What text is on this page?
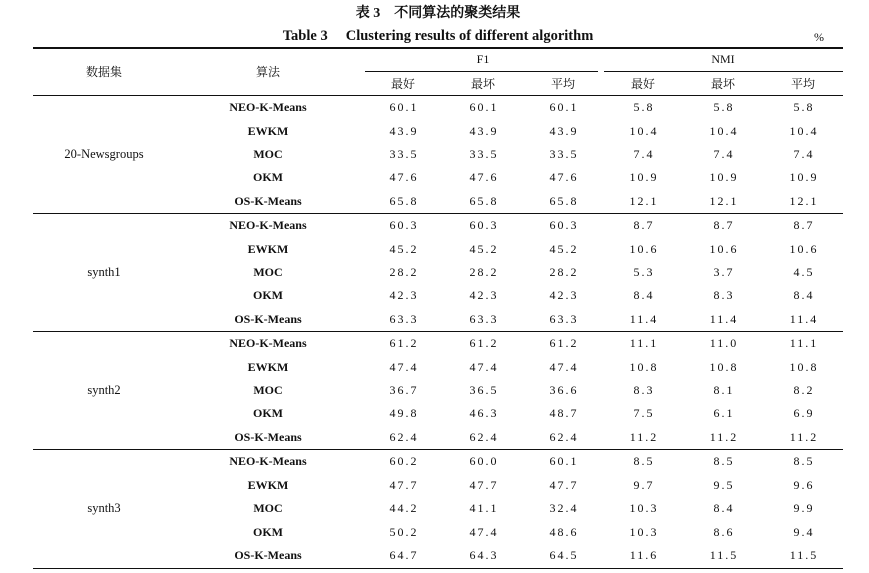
表 3 不同算法的聚类结果
Table 3 Clustering results of different algorithm	%
数据集	算法
F1	NMI
最好	最坏	平均	最好	最坏	平均
20-Newsgroups
NEO-K-Means	60.1	60.1	60.1	5.8	5.8	5.8
EWKM	43.9	43.9	43.9	10.4	10.4	10.4
MOC	33.5	33.5	33.5	7.4	7.4	7.4
OKM	47.6	47.6	47.6	10.9	10.9	10.9
OS-K-Means	65.8	65.8	65.8	12.1	12.1	12.1
synth1
NEO-K-Means	60.3	60.3	60.3	8.7	8.7	8.7
EWKM	45.2	45.2	45.2	10.6	10.6	10.6
MOC	28.2	28.2	28.2	5.3	3.7	4.5
OKM	42.3	42.3	42.3	8.4	8.3	8.4
OS-K-Means	63.3	63.3	63.3	11.4	11.4	11.4
synth2
NEO-K-Means	61.2	61.2	61.2	11.1	11.0	11.1
EWKM	47.4	47.4	47.4	10.8	10.8	10.8
MOC	36.7	36.5	36.6	8.3	8.1	8.2
OKM	49.8	46.3	48.7	7.5	6.1	6.9
OS-K-Means	62.4	62.4	62.4	11.2	11.2	11.2
synth3
NEO-K-Means	60.2	60.0	60.1	8.5	8.5	8.5
EWKM	47.7	47.7	47.7	9.7	9.5	9.6
MOC	44.2	41.1	32.4	10.3	8.4	9.9
OKM	50.2	47.4	48.6	10.3	8.6	9.4
OS-K-Means	64.7	64.3	64.5	11.6	11.5	11.5
